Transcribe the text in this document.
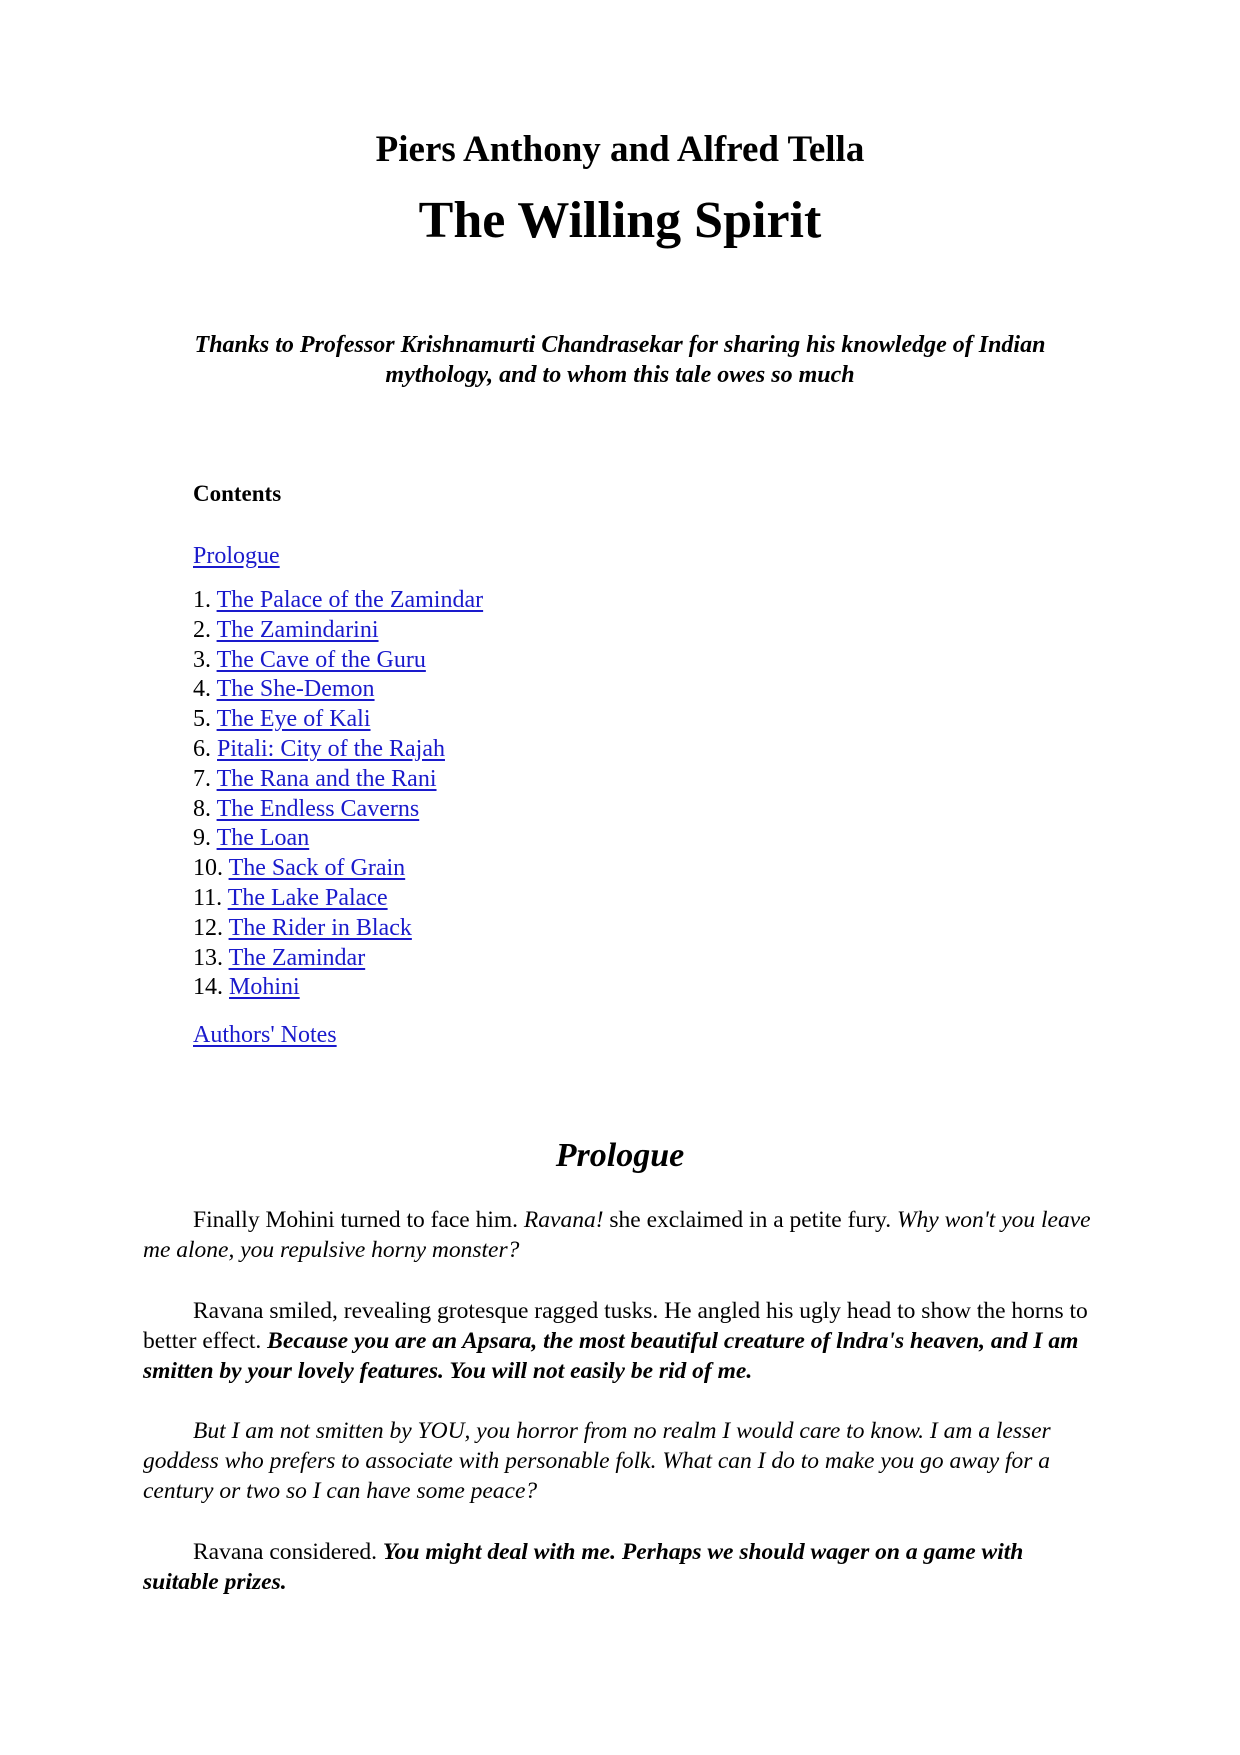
Piers Anthony and Alfred Tella
The Willing Spirit
Thanks to Professor Krishnamurti Chandrasekar for sharing his knowledge of Indian mythology, and to whom this tale owes so much
Contents
Prologue
1. The Palace of the Zamindar
2. The Zamindarini
3. The Cave of the Guru
4. The She-Demon
5. The Eye of Kali
6. Pitali: City of the Rajah
7. The Rana and the Rani
8. The Endless Caverns
9. The Loan
10. The Sack of Grain
11. The Lake Palace
12. The Rider in Black
13. The Zamindar
14. Mohini
Authors' Notes
Prologue

Finally Mohini turned to face him. Ravana! she exclaimed in a petite fury. Why won't you leave me alone, you repulsive horny monster?

Ravana smiled, revealing grotesque ragged tusks. He angled his ugly head to show the horns to better effect. Because you are an Apsara, the most beautiful creature of lndra's heaven, and I am smitten by your lovely features. You will not easily be rid of me.

But I am not smitten by YOU, you horror from no realm I would care to know. I am a lesser goddess who prefers to associate with personable folk. What can I do to make you go away for a century or two so I can have some peace?

Ravana considered. You might deal with me. Perhaps we should wager on a game with suitable prizes.
